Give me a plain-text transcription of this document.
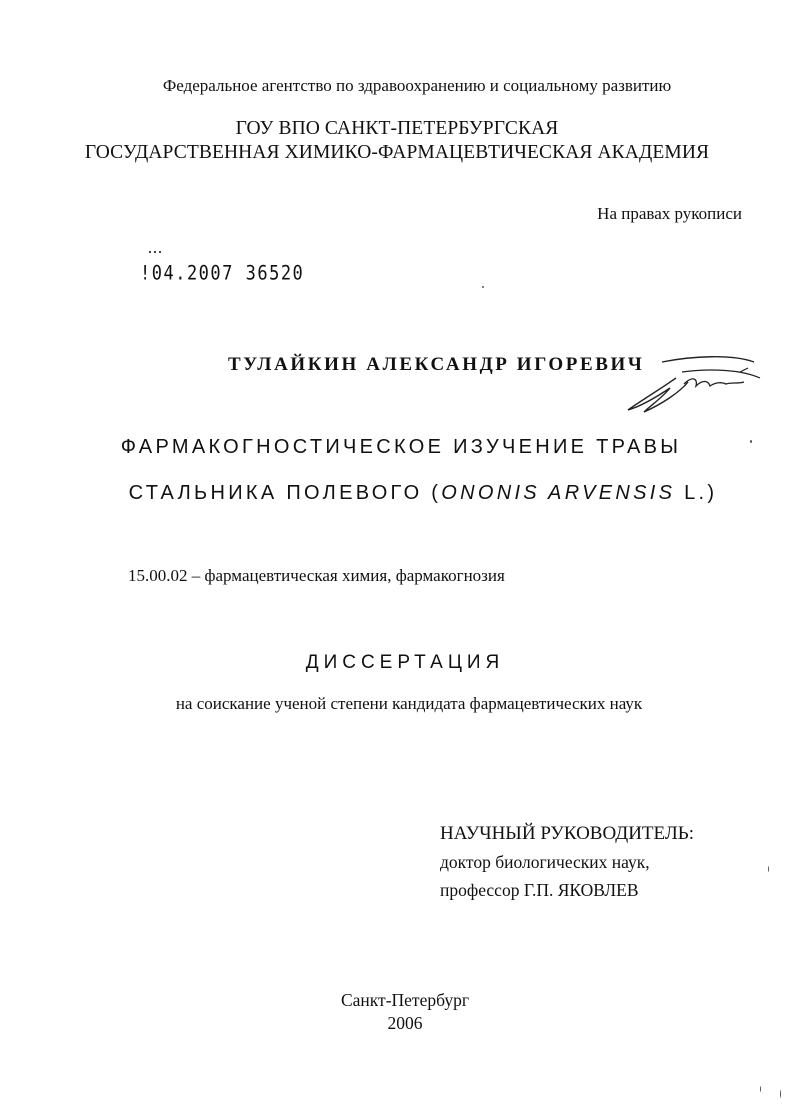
Федеральное агентство по здравоохранению и социальному развитию
ГОУ ВПО САНКТ-ПЕТЕРБУРГСКАЯ
ГОСУДАРСТВЕННАЯ ХИМИКО-ФАРМАЦЕВТИЧЕСКАЯ АКАДЕМИЯ
На правах рукописи
!04.2007 36520
ТУЛАЙКИН АЛЕКСАНДР ИГОРЕВИЧ
ФАРМАКОГНОСТИЧЕСКОЕ ИЗУЧЕНИЕ ТРАВЫ
СТАЛЬНИКА ПОЛЕВОГО (ONONIS ARVENSIS L.)
15.00.02 – фармацевтическая химия, фармакогнозия
ДИССЕРТАЦИЯ
на соискание ученой степени кандидата фармацевтических наук
НАУЧНЫЙ РУКОВОДИТЕЛЬ:
доктор биологических наук,
профессор Г.П. ЯКОВЛЕВ
Санкт-Петербург
2006
